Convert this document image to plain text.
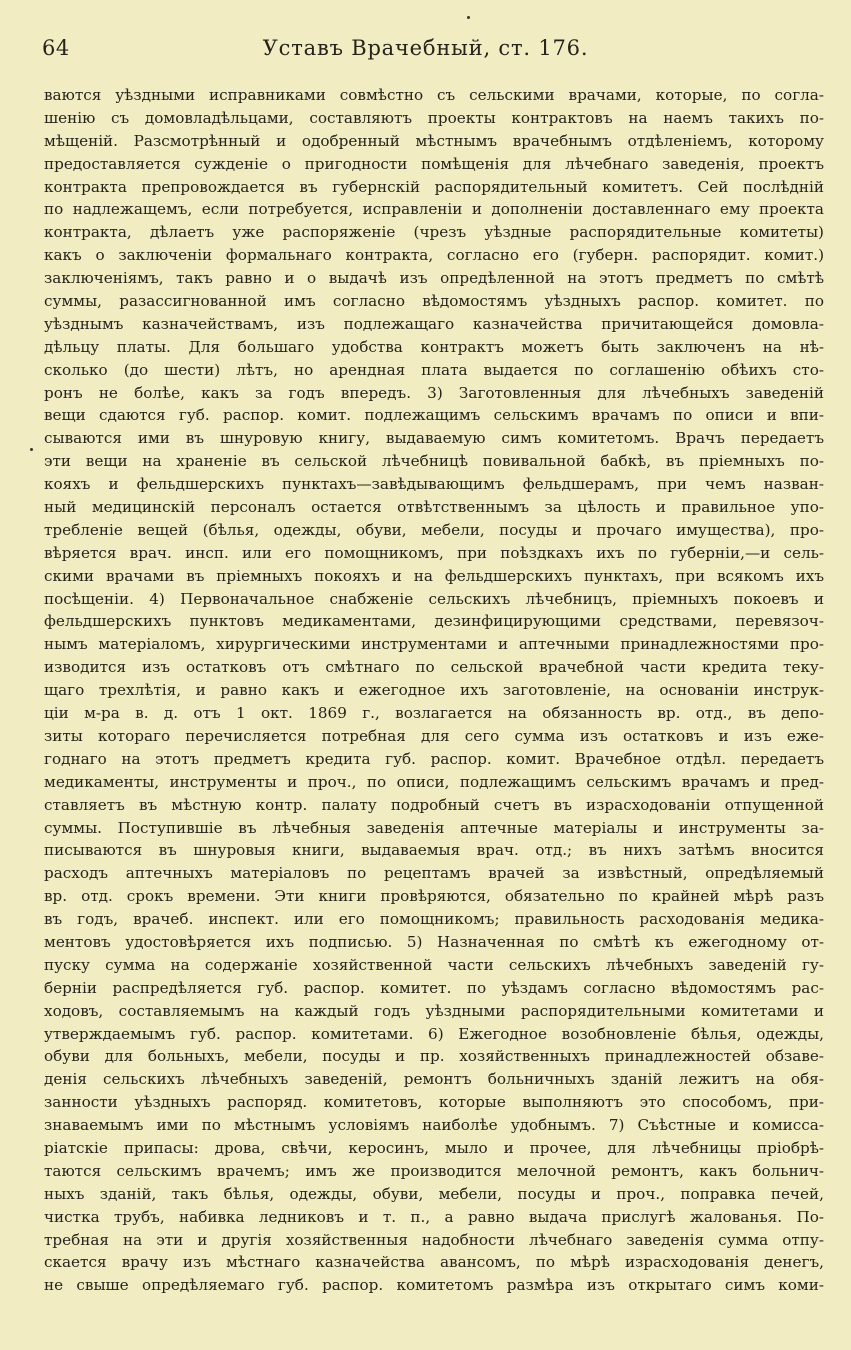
64	Уставъ Врачебный, ст. 176.
ваются уѣздными исправниками совмѣстно съ сельскими врачами, которые, по согла-
шенію съ домовладѣльцами, составляютъ проекты контрактовъ на наемъ такихъ по-
мѣщеній. Разсмотрѣнный и одобренный мѣстнымъ врачебнымъ отдѣленіемъ, которому
предоставляется сужденіе о пригодности помѣщенія для лѣчебнаго заведенія, проектъ
контракта препровождается въ губернскій распорядительный комитетъ. Сей послѣдній
по надлежащемъ, если потребуется, исправленіи и дополненіи доставленнаго ему проекта
контракта, дѣлаетъ уже распоряженіе (чрезъ уѣздные распорядительные комитеты)
какъ о заключеніи формальнаго контракта, согласно его (губерн. распорядит. комит.)
заключеніямъ, такъ равно и о выдачѣ изъ опредѣленной на этотъ предметъ по смѣтѣ
суммы, разассигнованной имъ согласно вѣдомостямъ уѣздныхъ распор. комитет. по
уѣзднымъ казначействамъ, изъ подлежащаго казначейства причитающейся домовла-
дѣльцу платы. Для большаго удобства контрактъ можетъ быть заключенъ на нѣ-
сколько (до шести) лѣтъ, но арендная плата выдается по соглашенію обѣихъ сто-
ронъ не болѣе, какъ за годъ впередъ. 3) Заготовленныя для лѣчебныхъ заведеній
вещи сдаются губ. распор. комит. подлежащимъ сельскимъ врачамъ по описи и впи-
сываются ими въ шнуровую книгу, выдаваемую симъ комитетомъ. Врачъ передаетъ
эти вещи на храненіе въ сельской лѣчебницѣ повивальной бабкѣ, въ пріемныхъ по-
кояхъ и фельдшерскихъ пунктахъ—завѣдывающимъ фельдшерамъ, при чемъ назван-
ный медицинскій персоналъ остается отвѣтственнымъ за цѣлость и правильное упо-
требленіе вещей (бѣлья, одежды, обуви, мебели, посуды и прочаго имущества), про-
вѣряется врач. инсп. или его помощникомъ, при поѣздкахъ ихъ по губерніи,—и сель-
скими врачами въ пріемныхъ покояхъ и на фельдшерскихъ пунктахъ, при всякомъ ихъ
посѣщеніи. 4) Первоначальное снабженіе сельскихъ лѣчебницъ, пріемныхъ покоевъ и
фельдшерскихъ пунктовъ медикаментами, дезинфицирующими средствами, перевязоч-
нымъ матеріаломъ, хирургическими инструментами и аптечными принадлежностями про-
изводится изъ остатковъ отъ смѣтнаго по сельской врачебной части кредита теку-
щаго трехлѣтія, и равно какъ и ежегодное ихъ заготовленіе, на основаніи инструк-
ціи м-ра в. д. отъ 1 окт. 1869 г., возлагается на обязанность вр. отд., въ депо-
зиты котораго перечисляется потребная для сего сумма изъ остатковъ и изъ еже-
годнаго на этотъ предметъ кредита губ. распор. комит. Врачебное отдѣл. передаетъ
медикаменты, инструменты и проч., по описи, подлежащимъ сельскимъ врачамъ и пред-
ставляетъ въ мѣстную контр. палату подробный счетъ въ израсходованіи отпущенной
суммы. Поступившіе въ лѣчебныя заведенія аптечные матеріалы и инструменты за-
писываются въ шнуровыя книги, выдаваемыя врач. отд.; въ нихъ затѣмъ вносится
расходъ аптечныхъ матеріаловъ по рецептамъ врачей за извѣстный, опредѣляемый
вр. отд. срокъ времени. Эти книги провѣряются, обязательно по крайней мѣрѣ разъ
въ годъ, врачеб. инспект. или его помощникомъ; правильность расходованія медика-
ментовъ удостовѣряется ихъ подписью. 5) Назначенная по смѣтѣ къ ежегодному от-
пуску сумма на содержаніе хозяйственной части сельскихъ лѣчебныхъ заведеній гу-
берніи распредѣляется губ. распор. комитет. по уѣздамъ согласно вѣдомостямъ рас-
ходовъ, составляемымъ на каждый годъ уѣздными распорядительными комитетами и
утверждаемымъ губ. распор. комитетами. 6) Ежегодное возобновленіе бѣлья, одежды,
обуви для больныхъ, мебели, посуды и пр. хозяйственныхъ принадлежностей обзаве-
денія сельскихъ лѣчебныхъ заведеній, ремонтъ больничныхъ зданій лежитъ на обя-
занности уѣздныхъ распоряд. комитетовъ, которые выполняютъ это способомъ, при-
знаваемымъ ими по мѣстнымъ условіямъ наиболѣе удобнымъ. 7) Съѣстные и комисса-
ріатскіе припасы: дрова, свѣчи, керосинъ, мыло и прочее, для лѣчебницы пріобрѣ-
таются сельскимъ врачемъ; имъ же производится мелочной ремонтъ, какъ больнич-
ныхъ зданій, такъ бѣлья, одежды, обуви, мебели, посуды и проч., поправка печей,
чистка трубъ, набивка ледниковъ и т. п., а равно выдача прислугѣ жалованья. По-
требная на эти и другія хозяйственныя надобности лѣчебнаго заведенія сумма отпу-
скается врачу изъ мѣстнаго казначейства авансомъ, по мѣрѣ израсходованія денегъ,
не свыше опредѣляемаго губ. распор. комитетомъ размѣра изъ открытаго симъ коми-
